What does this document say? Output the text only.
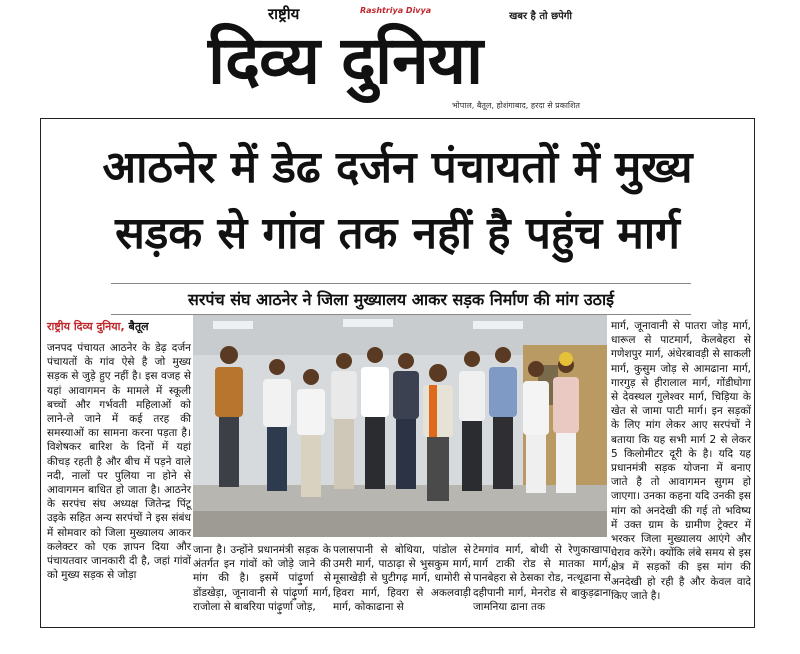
राष्ट्रीय	Rashtriya Divya
खबर है तो छपेगी
दिव्य दुनिया
भोपाल, बैतूल, होशंगाबाद, हरदा से प्रकाशित
आठनेर में डेढ दर्जन पंचायतों में मुख्य
सड़क से गांव तक नहीं है पहुंच मार्ग
सरपंच संघ आठनेर ने जिला मुख्यालय आकर सड़क निर्माण की मांग उठाई
राष्ट्रीय दिव्य दुनिया, बैतूल
जनपद पंचायत आठनेर के डेढ़ दर्जन पंचायतों के गांव ऐसे है जो मुख्य सड़क से जुड़े हुए नहीं है। इस वजह से यहां आवागमन के मामले में स्कूली बच्चों और गर्भवती महिलाओं को लाने-ले जाने में कई तरह की समस्याओं का सामना करना पड़ता है। विशेषकर बारिश के दिनों में यहां कीचड़ रहती है और बीच में पड़ने वाले नदी, नालों पर पुलिया ना होने से आवागमन बाधित हो जाता है। आठनेर के सरपंच संघ अध्यक्ष जितेन्द्र पिंटू उइके सहित अन्य सरपंचों ने इस संबंध में सोमवार को जिला मुख्यालय आकर कलेक्टर को एक ज्ञापन दिया और पंचायतवार जानकारी दी है, जहां गांवों को मुख्य सड़क से जोड़ा
मार्ग, जूनावानी से पातरा जोड़ मार्ग, धारूल से पाटमार्ग, केलबेहरा से गणेशपुर मार्ग, अंधेरबावड़ी से साकली मार्ग, कुसुम जोड़ से आमढाना मार्ग, गारगुड़ से हीरालाल मार्ग, गोंडीघोगा से देवस्थल गुलेश्वर मार्ग, चिड़िया के खेत से जामा पाटी मार्ग। इन सड़कों के लिए मांग लेकर आए सरपंचों ने बताया कि यह सभी मार्ग 2 से लेकर 5 किलोमीटर दूरी के है। यदि यह प्रधानमंत्री सड़क योजना में बनाए जाते है तो आवागमन सुगम हो जाएगा। उनका कहना यदि उनकी इस मांग को अनदेखी की गई तो भविष्य में उक्त ग्राम के ग्रामीण ट्रेक्टर में भरकर जिला मुख्यालय आएंगे और घेराव करेंगे। क्योंकि लंबे समय से इस क्षेत्र में सड़कों की इस मांग की अनदेखी हो रही है और केवल वादे किए जाते है।
जाना है। उन्होंने प्रधानमंत्री सड़क के अंतर्गत इन गांवों को जोड़े जाने की मांग की है। इसमें पांढ़ुर्णा से डोंडखेड़ा, जूनावानी से पांढ़ुर्णा मार्ग, राजोला से बाबरिया पांढ़ुर्णा जोड़,
पलासपानी से बोथिया, पांडोल से उमरी मार्ग, पाठाढ़ा से भुसकुम मार्ग, मूसाखेड़ी से घुटीगढ़ मार्ग, धामोरी से हिवरा मार्ग, हिवरा से अकलवाड़ी मार्ग, कोकाढाना से
टेमगांव मार्ग, बोथी से रेणुकाखापा मार्ग टाकी रोड से मातका मार्ग, पानबेहरा से ठेसका रोड, नत्थूढाना से दहीपानी मार्ग, मेनरोड से बाकुड़ढाना जामनिया ढाना तक
